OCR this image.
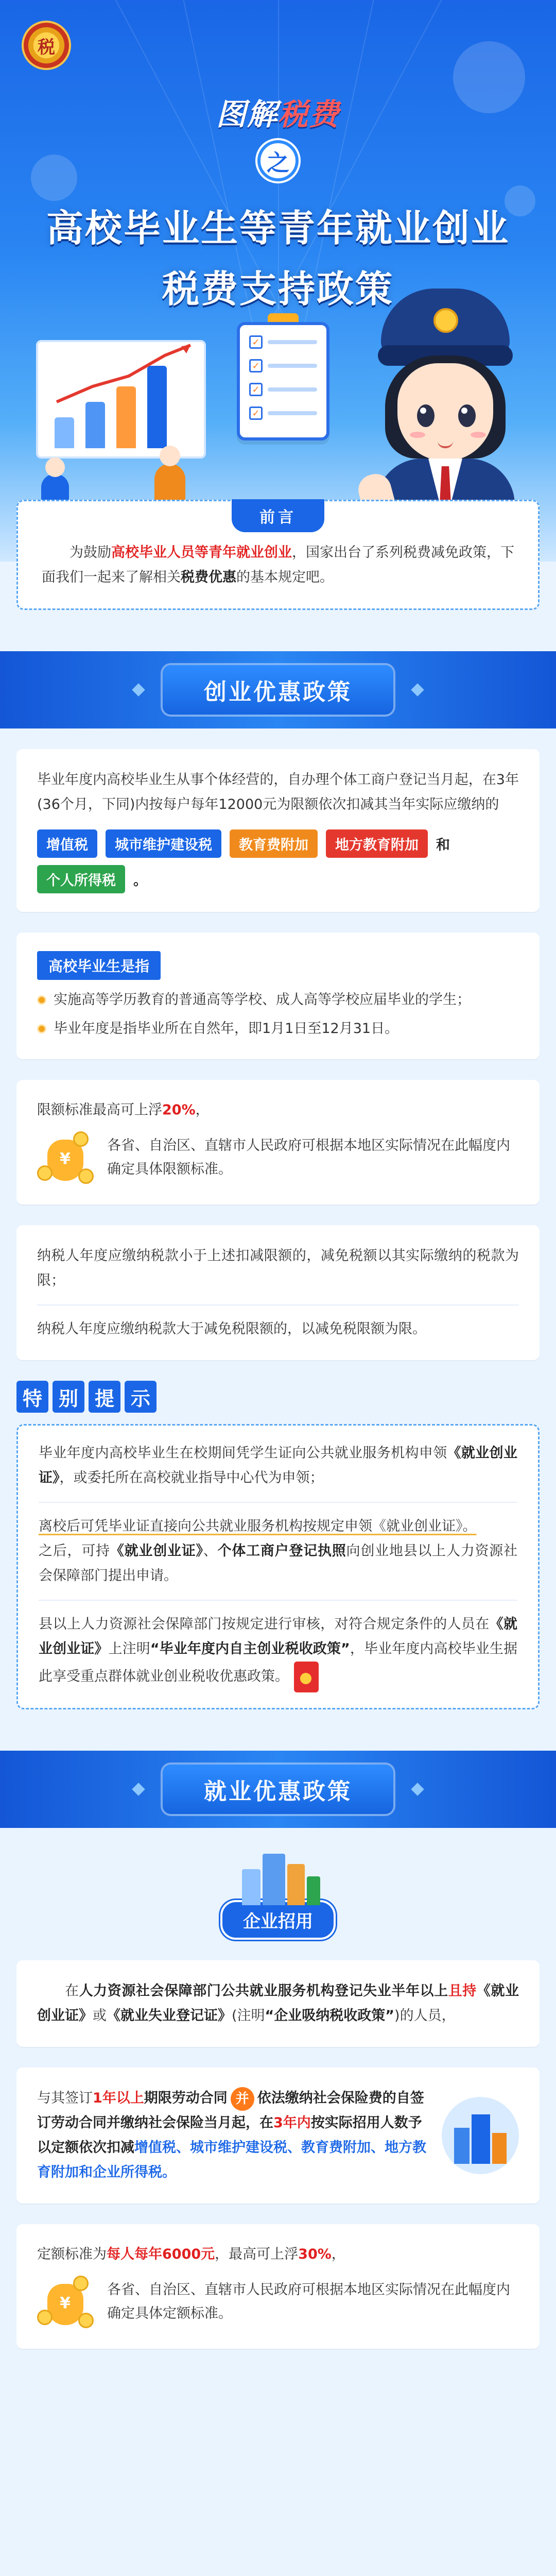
税
图解税费
之
高校毕业生等青年就业创业
税费支持政策
✓
✓
✓
✓
前言

为鼓励高校毕业人员等青年就业创业，国家出台了系列税费减免政策，下面我们一起来了解相关税费优惠的基本规定吧。

创业优惠政策

毕业年度内高校毕业生从事个体经营的，自办理个体工商户登记当月起，在3年(36个月，下同)内按每户每年12000元为限额依次扣减其当年实际应缴纳的

增值税	城市维护建设税	教育费附加	地方教育附加	和
个人所得税	。
高校毕业生是指
实施高等学历教育的普通高等学校、成人高等学校应届毕业的学生；
毕业年度是指毕业所在自然年，即1月1日至12月31日。

限额标准最高可上浮20%，

¥

各省、自治区、直辖市人民政府可根据本地区实际情况在此幅度内确定具体限额标准。

纳税人年度应缴纳税款小于上述扣减限额的，减免税额以其实际缴纳的税款为限；

纳税人年度应缴纳税款大于减免税限额的，以减免税限额为限。

特 别 提 示

毕业年度内高校毕业生在校期间凭学生证向公共就业服务机构申领《就业创业证》，或委托所在高校就业指导中心代为申领；

离校后可凭毕业证直接向公共就业服务机构按规定申领《就业创业证》。

之后，可持《就业创业证》、个体工商户登记执照向创业地县以上人力资源社会保障部门提出申请。

县以上人力资源社会保障部门按规定进行审核，对符合规定条件的人员在《就业创业证》上注明“毕业年度内自主创业税收政策”，毕业年度内高校毕业生据此享受重点群体就业创业税收优惠政策。

就业优惠政策
企业招用

在人力资源社会保障部门公共就业服务机构登记失业半年以上且持《就业创业证》或《就业失业登记证》(注明“企业吸纳税收政策”)的人员，

与其签订1年以上期限劳动合同 并 依法缴纳社会保险费的自签订劳动合同并缴纳社会保险当月起，在3年内按实际招用人数予以定额依次扣减增值税、城市维护建设税、教育费附加、地方教育附加和企业所得税。

定额标准为每人每年6000元，最高可上浮30%，

¥

各省、自治区、直辖市人民政府可根据本地区实际情况在此幅度内确定具体定额标准。
